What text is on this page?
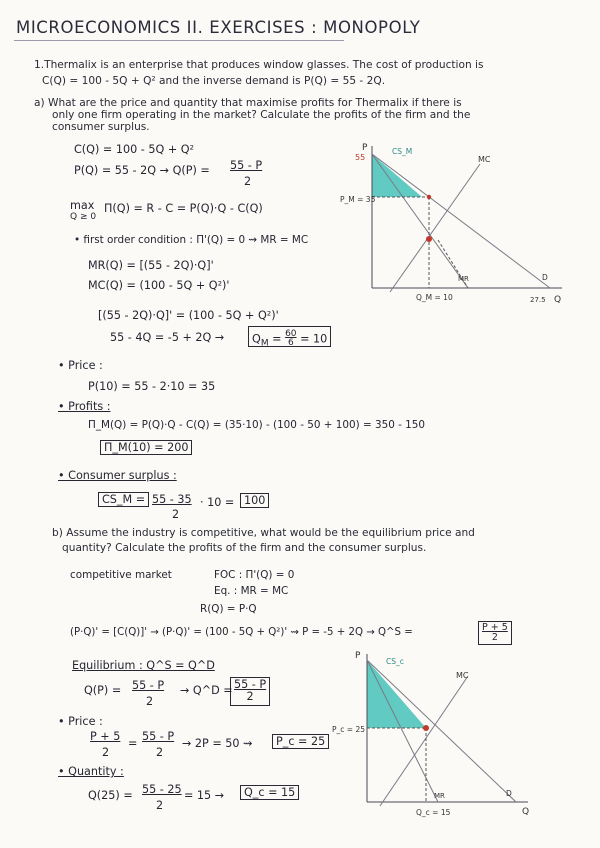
MICROECONOMICS II. EXERCISES : MONOPOLY
1.Thermalix is an enterprise that produces window glasses. The cost of production is
C(Q) = 100 - 5Q + Q² and the inverse demand is P(Q) = 55 - 2Q.
a) What are the price and quantity that maximise profits for Thermalix if there is
only one firm operating in the market? Calculate the profits of the firm and the
consumer surplus.
C(Q) = 100 - 5Q + Q²
P(Q) = 55 - 2Q → Q(P) = 55 - P
2
max
Q ≥ 0
Π(Q) = R - C = P(Q)·Q - C(Q)
• first order condition : Π'(Q) = 0 ⇝ MR = MC
MR(Q) = [(55 - 2Q)·Q]'
MC(Q) = (100 - 5Q + Q²)'
[(55 - 2Q)·Q]' = (100 - 5Q + Q²)'
55 - 4Q = -5 + 2Q →	$Q_M = \frac{60}{6} = 10$
• Price :
P(10) = 55 - 2·10 = 35
• Profits :
Π_M(Q) = P(Q)·Q - C(Q) = (35·10) - (100 - 50 + 100) = 350 - 150
Π_M(10) = 200
• Consumer surplus :
CS_M = 55 - 35
2
· 10 = 100
b) Assume the industry is competitive, what would be the equilibrium price and
quantity? Calculate the profits of the firm and the consumer surplus.
competitive market	FOC : Π'(Q) = 0
Eq. : MR = MC
R(Q) = P·Q
(P·Q)' = [C(Q)]' → (P·Q)' = (100 - 5Q + Q²)' ⇝ P = -5 + 2Q → Q^S =	$\frac{P + 5}{2}$
Equilibrium : Q^S = Q^D
Q(P) = 55 - P
2
→ Q^D =
$\frac{55 - P}{2}$
• Price :
P + 5
2
=
55 - P
2
→ 2P = 50 ⇝	P_c = 25
• Quantity :
Q(25) = 55 - 25
2
= 15 →	Q_c = 15
P
55
CS_M
MC
P_M = 35
MR	D
Q_M = 10	27.5 Q
P
CS_c
MC
P_c = 25
MR	D
Q_c = 15	Q
